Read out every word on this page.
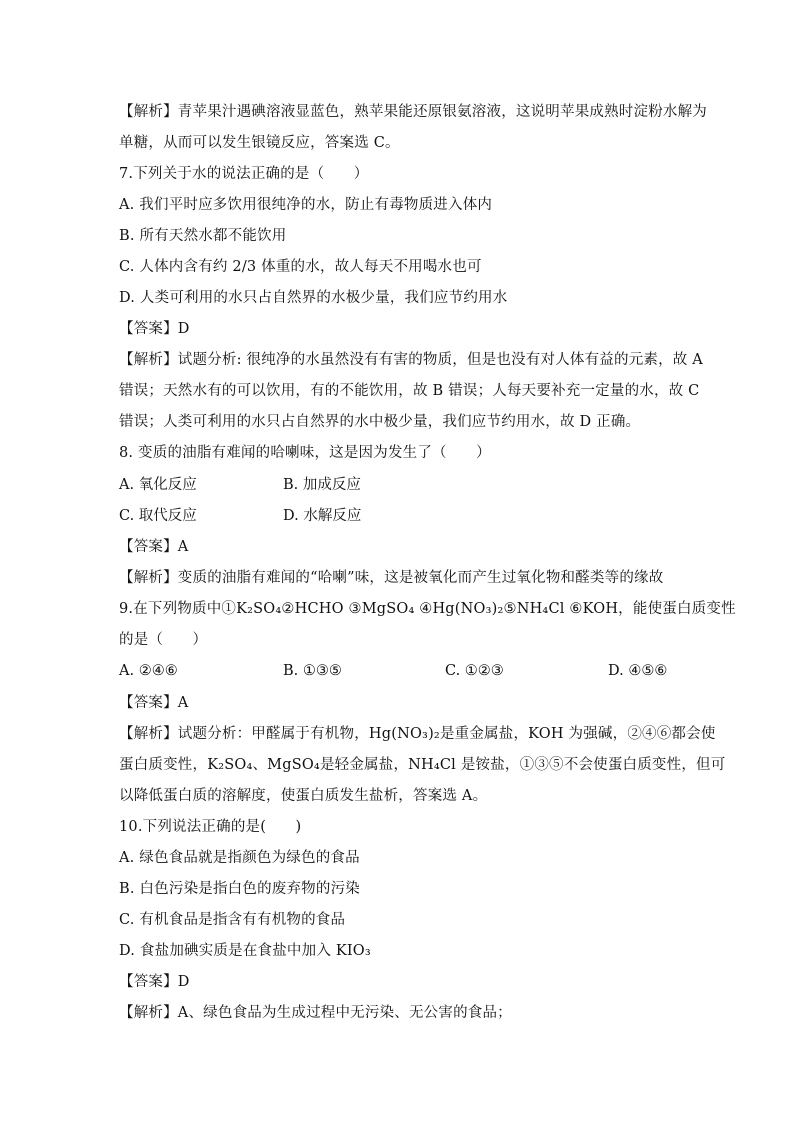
【解析】青苹果汁遇碘溶液显蓝色，熟苹果能还原银氨溶液，这说明苹果成熟时淀粉水解为
单糖，从而可以发生银镜反应，答案选 C。
7.下列关于水的说法正确的是（　　）
A. 我们平时应多饮用很纯净的水，防止有毒物质进入体内
B. 所有天然水都不能饮用
C. 人体内含有约 2/3 体重的水，故人每天不用喝水也可
D. 人类可利用的水只占自然界的水极少量，我们应节约用水
【答案】D
【解析】试题分析: 很纯净的水虽然没有有害的物质，但是也没有对人体有益的元素，故 A
错误；天然水有的可以饮用，有的不能饮用，故 B 错误；人每天要补充一定量的水，故 C
错误；人类可利用的水只占自然界的水中极少量，我们应节约用水，故 D 正确。
8. 变质的油脂有难闻的哈喇味，这是因为发生了（　　）
A. 氧化反应	B. 加成反应
C. 取代反应	D. 水解反应
【答案】A
【解析】变质的油脂有难闻的“哈喇”味，这是被氧化而产生过氧化物和醛类等的缘故
9.在下列物质中①K₂SO₄②HCHO ③MgSO₄ ④Hg(NO₃)₂⑤NH₄Cl ⑥KOH，能使蛋白质变性
的是（　　）
A. ②④⑥	B. ①③⑤	C. ①②③	D. ④⑤⑥
【答案】A
【解析】试题分析：甲醛属于有机物，Hg(NO₃)₂是重金属盐，KOH 为强碱，②④⑥都会使
蛋白质变性，K₂SO₄、MgSO₄是轻金属盐，NH₄Cl 是铵盐，①③⑤不会使蛋白质变性，但可
以降低蛋白质的溶解度，使蛋白质发生盐析，答案选 A。
10.下列说法正确的是(　　)
A. 绿色食品就是指颜色为绿色的食品
B. 白色污染是指白色的废弃物的污染
C. 有机食品是指含有有机物的食品
D. 食盐加碘实质是在食盐中加入 KIO₃
【答案】D
【解析】A、绿色食品为生成过程中无污染、无公害的食品；
